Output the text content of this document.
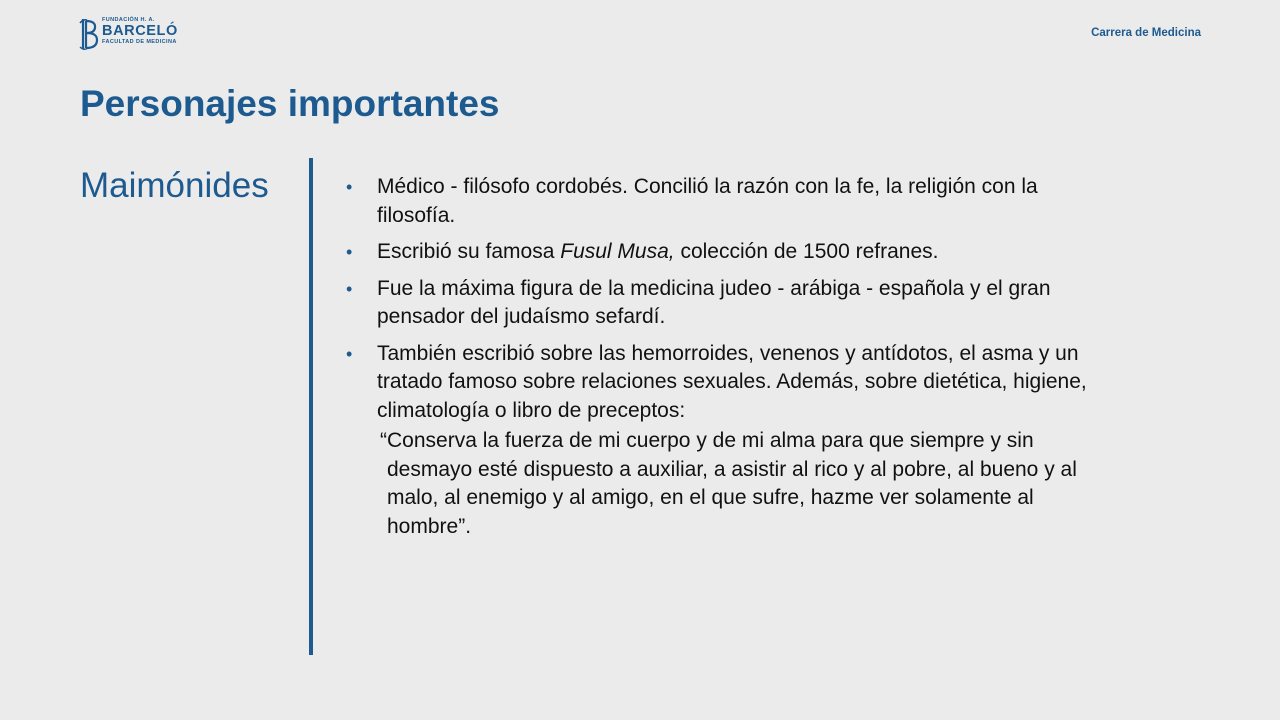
FUNDACIÓN H. A.
BARCELÓ
FACULTAD DE MEDICINA
Carrera de Medicina
Personajes importantes
Maimónides	• Médico - filósofo cordobés. Concilió la razón con la fe, la religión con la
filosofía.
• Escribió su famosa Fusul Musa, colección de 1500 refranes.
• Fue la máxima figura de la medicina judeo - arábiga - española y el gran
pensador del judaísmo sefardí.
• También escribió sobre las hemorroides, venenos y antídotos, el asma y un
tratado famoso sobre relaciones sexuales. Además, sobre dietética, higiene,
climatología o libro de preceptos:
“Conserva la fuerza de mi cuerpo y de mi alma para que siempre y sin
desmayo esté dispuesto a auxiliar, a asistir al rico y al pobre, al bueno y al
malo, al enemigo y al amigo, en el que sufre, hazme ver solamente al
hombre”.
